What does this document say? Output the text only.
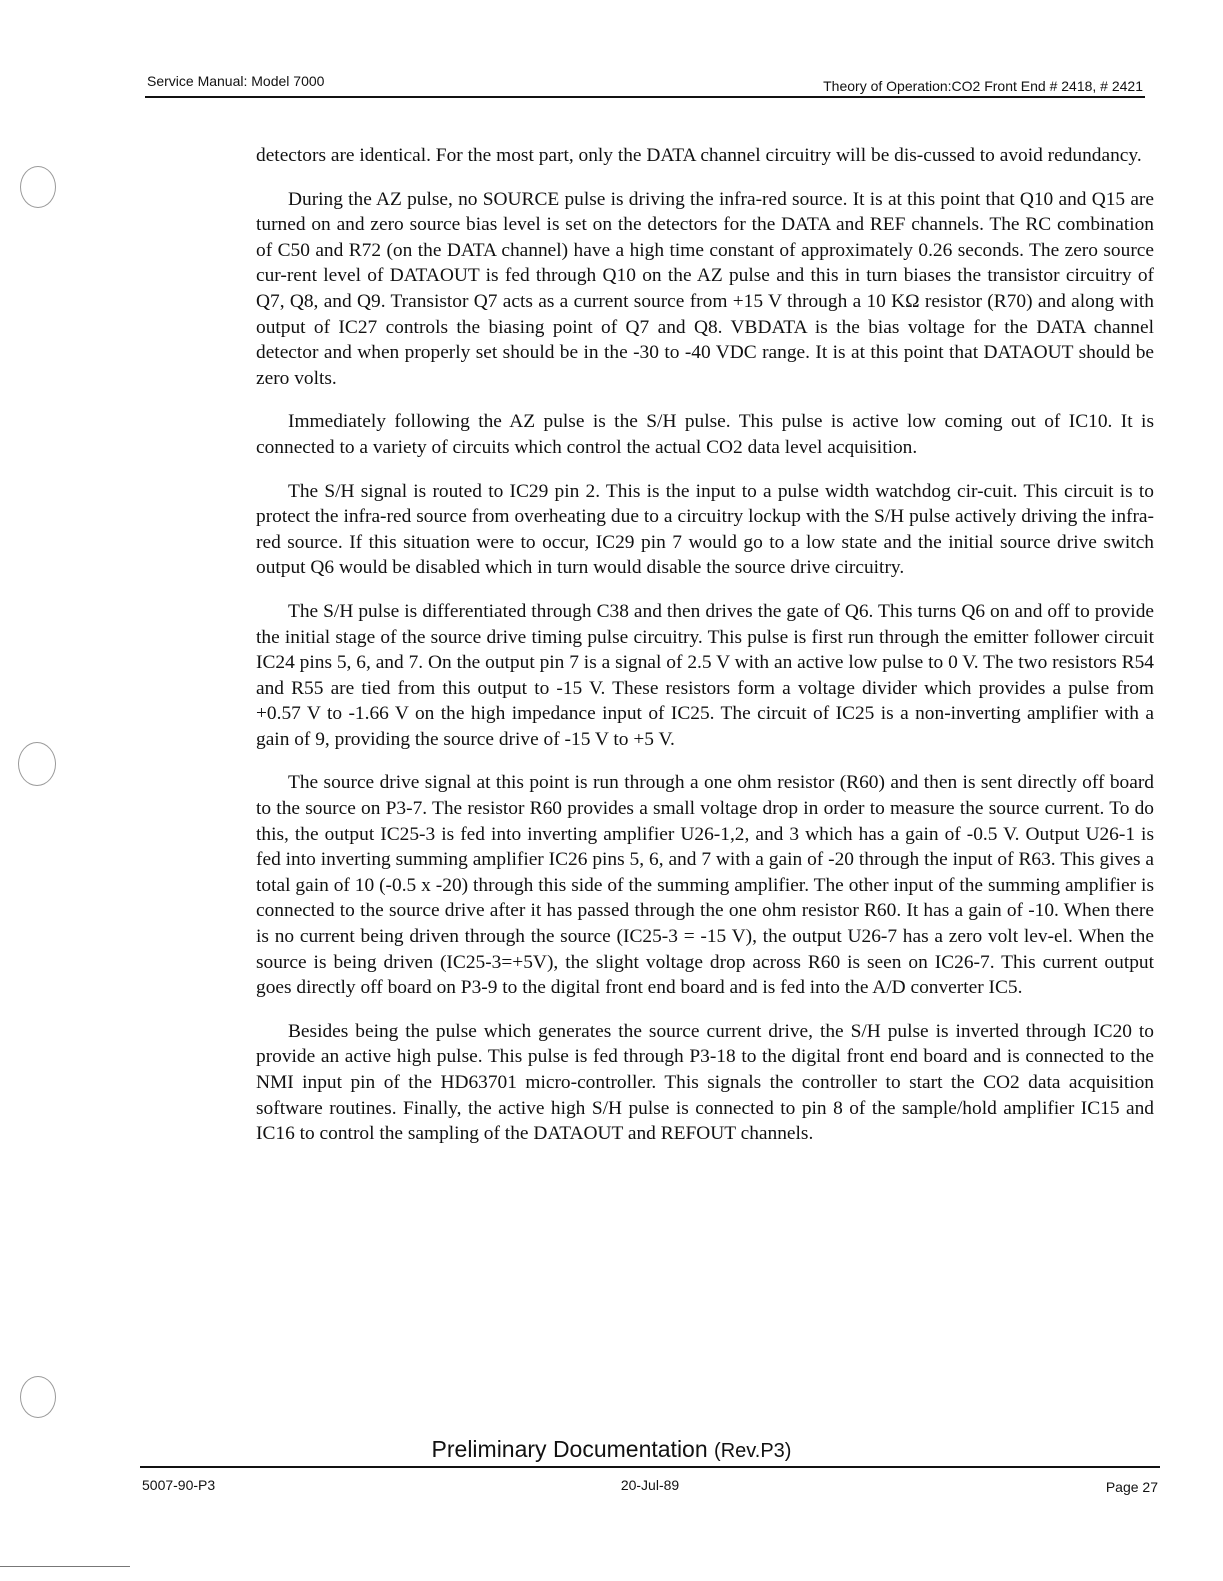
Service Manual: Model 7000	Theory of Operation:CO2 Front End # 2418, # 2421

detectors are identical. For the most part, only the DATA channel circuitry will be dis-cussed to avoid redundancy.

During the AZ pulse, no SOURCE pulse is driving the infra-red source. It is at this point that Q10 and Q15 are turned on and zero source bias level is set on the detectors for the DATA and REF channels. The RC combination of C50 and R72 (on the DATA channel) have a high time constant of approximately 0.26 seconds. The zero source cur-rent level of DATAOUT is fed through Q10 on the AZ pulse and this in turn biases the transistor circuitry of Q7, Q8, and Q9. Transistor Q7 acts as a current source from +15 V through a 10 KΩ resistor (R70) and along with output of IC27 controls the biasing point of Q7 and Q8. VBDATA is the bias voltage for the DATA channel detector and when properly set should be in the -30 to -40 VDC range. It is at this point that DATAOUT should be zero volts.

Immediately following the AZ pulse is the S/H pulse. This pulse is active low coming out of IC10. It is connected to a variety of circuits which control the actual CO2 data level acquisition.

The S/H signal is routed to IC29 pin 2. This is the input to a pulse width watchdog cir-cuit. This circuit is to protect the infra-red source from overheating due to a circuitry lockup with the S/H pulse actively driving the infra-red source. If this situation were to occur, IC29 pin 7 would go to a low state and the initial source drive switch output Q6 would be disabled which in turn would disable the source drive circuitry.

The S/H pulse is differentiated through C38 and then drives the gate of Q6. This turns Q6 on and off to provide the initial stage of the source drive timing pulse circuitry. This pulse is first run through the emitter follower circuit IC24 pins 5, 6, and 7. On the output pin 7 is a signal of 2.5 V with an active low pulse to 0 V. The two resistors R54 and R55 are tied from this output to -15 V. These resistors form a voltage divider which provides a pulse from +0.57 V to -1.66 V on the high impedance input of IC25. The circuit of IC25 is a non-inverting amplifier with a gain of 9, providing the source drive of -15 V to +5 V.

The source drive signal at this point is run through a one ohm resistor (R60) and then is sent directly off board to the source on P3-7. The resistor R60 provides a small voltage drop in order to measure the source current. To do this, the output IC25-3 is fed into inverting amplifier U26-1,2, and 3 which has a gain of -0.5 V. Output U26-1 is fed into inverting summing amplifier IC26 pins 5, 6, and 7 with a gain of -20 through the input of R63. This gives a total gain of 10 (-0.5 x -20) through this side of the summing amplifier. The other input of the summing amplifier is connected to the source drive after it has passed through the one ohm resistor R60. It has a gain of -10. When there is no current being driven through the source (IC25-3 = -15 V), the output U26-7 has a zero volt lev-el. When the source is being driven (IC25-3=+5V), the slight voltage drop across R60 is seen on IC26-7. This current output goes directly off board on P3-9 to the digital front end board and is fed into the A/D converter IC5.

Besides being the pulse which generates the source current drive, the S/H pulse is inverted through IC20 to provide an active high pulse. This pulse is fed through P3-18 to the digital front end board and is connected to the NMI input pin of the HD63701 micro-controller. This signals the controller to start the CO2 data acquisition software routines. Finally, the active high S/H pulse is connected to pin 8 of the sample/hold amplifier IC15 and IC16 to control the sampling of the DATAOUT and REFOUT channels.

Preliminary Documentation (Rev.P3)
5007-90-P3	20-Jul-89	Page 27
